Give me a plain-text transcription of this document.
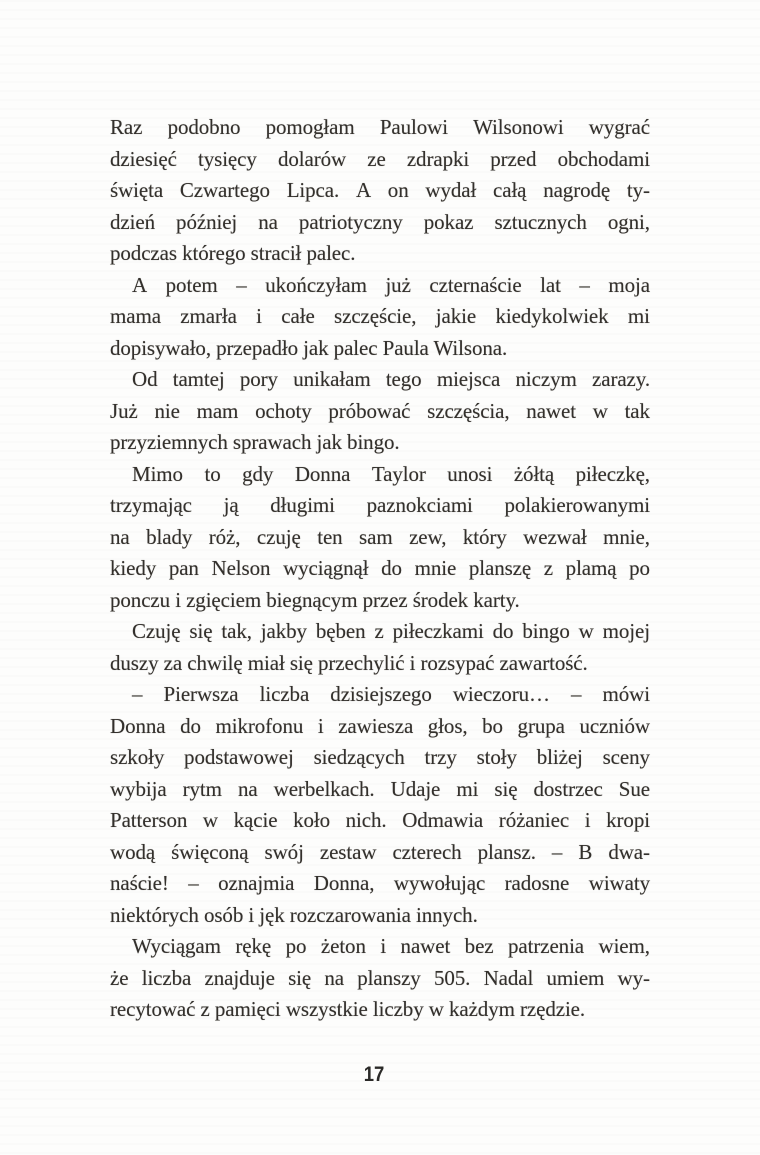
Raz podobno pomogłam Paulowi Wilsonowi wygrać
dziesięć tysięcy dolarów ze zdrapki przed obchodami
święta Czwartego Lipca. A on wydał całą nagrodę ty-
dzień później na patriotyczny pokaz sztucznych ogni,
podczas którego stracił palec.
A potem – ukończyłam już czternaście lat – moja
mama zmarła i całe szczęście, jakie kiedykolwiek mi
dopisywało, przepadło jak palec Paula Wilsona.
Od tamtej pory unikałam tego miejsca niczym zarazy.
Już nie mam ochoty próbować szczęścia, nawet w tak
przyziemnych sprawach jak bingo.
Mimo to gdy Donna Taylor unosi żółtą piłeczkę,
trzymając ją długimi paznokciami polakierowanymi
na blady róż, czuję ten sam zew, który wezwał mnie,
kiedy pan Nelson wyciągnął do mnie planszę z plamą po
ponczu i zgięciem biegnącym przez środek karty.
Czuję się tak, jakby bęben z piłeczkami do bingo w mojej
duszy za chwilę miał się przechylić i rozsypać zawartość.
– Pierwsza liczba dzisiejszego wieczoru… – mówi
Donna do mikrofonu i zawiesza głos, bo grupa uczniów
szkoły podstawowej siedzących trzy stoły bliżej sceny
wybija rytm na werbelkach. Udaje mi się dostrzec Sue
Patterson w kącie koło nich. Odmawia różaniec i kropi
wodą święconą swój zestaw czterech plansz. – B dwa-
naście! – oznajmia Donna, wywołując radosne wiwaty
niektórych osób i jęk rozczarowania innych.
Wyciągam rękę po żeton i nawet bez patrzenia wiem,
że liczba znajduje się na planszy 505. Nadal umiem wy-
recytować z pamięci wszystkie liczby w każdym rzędzie.
17
